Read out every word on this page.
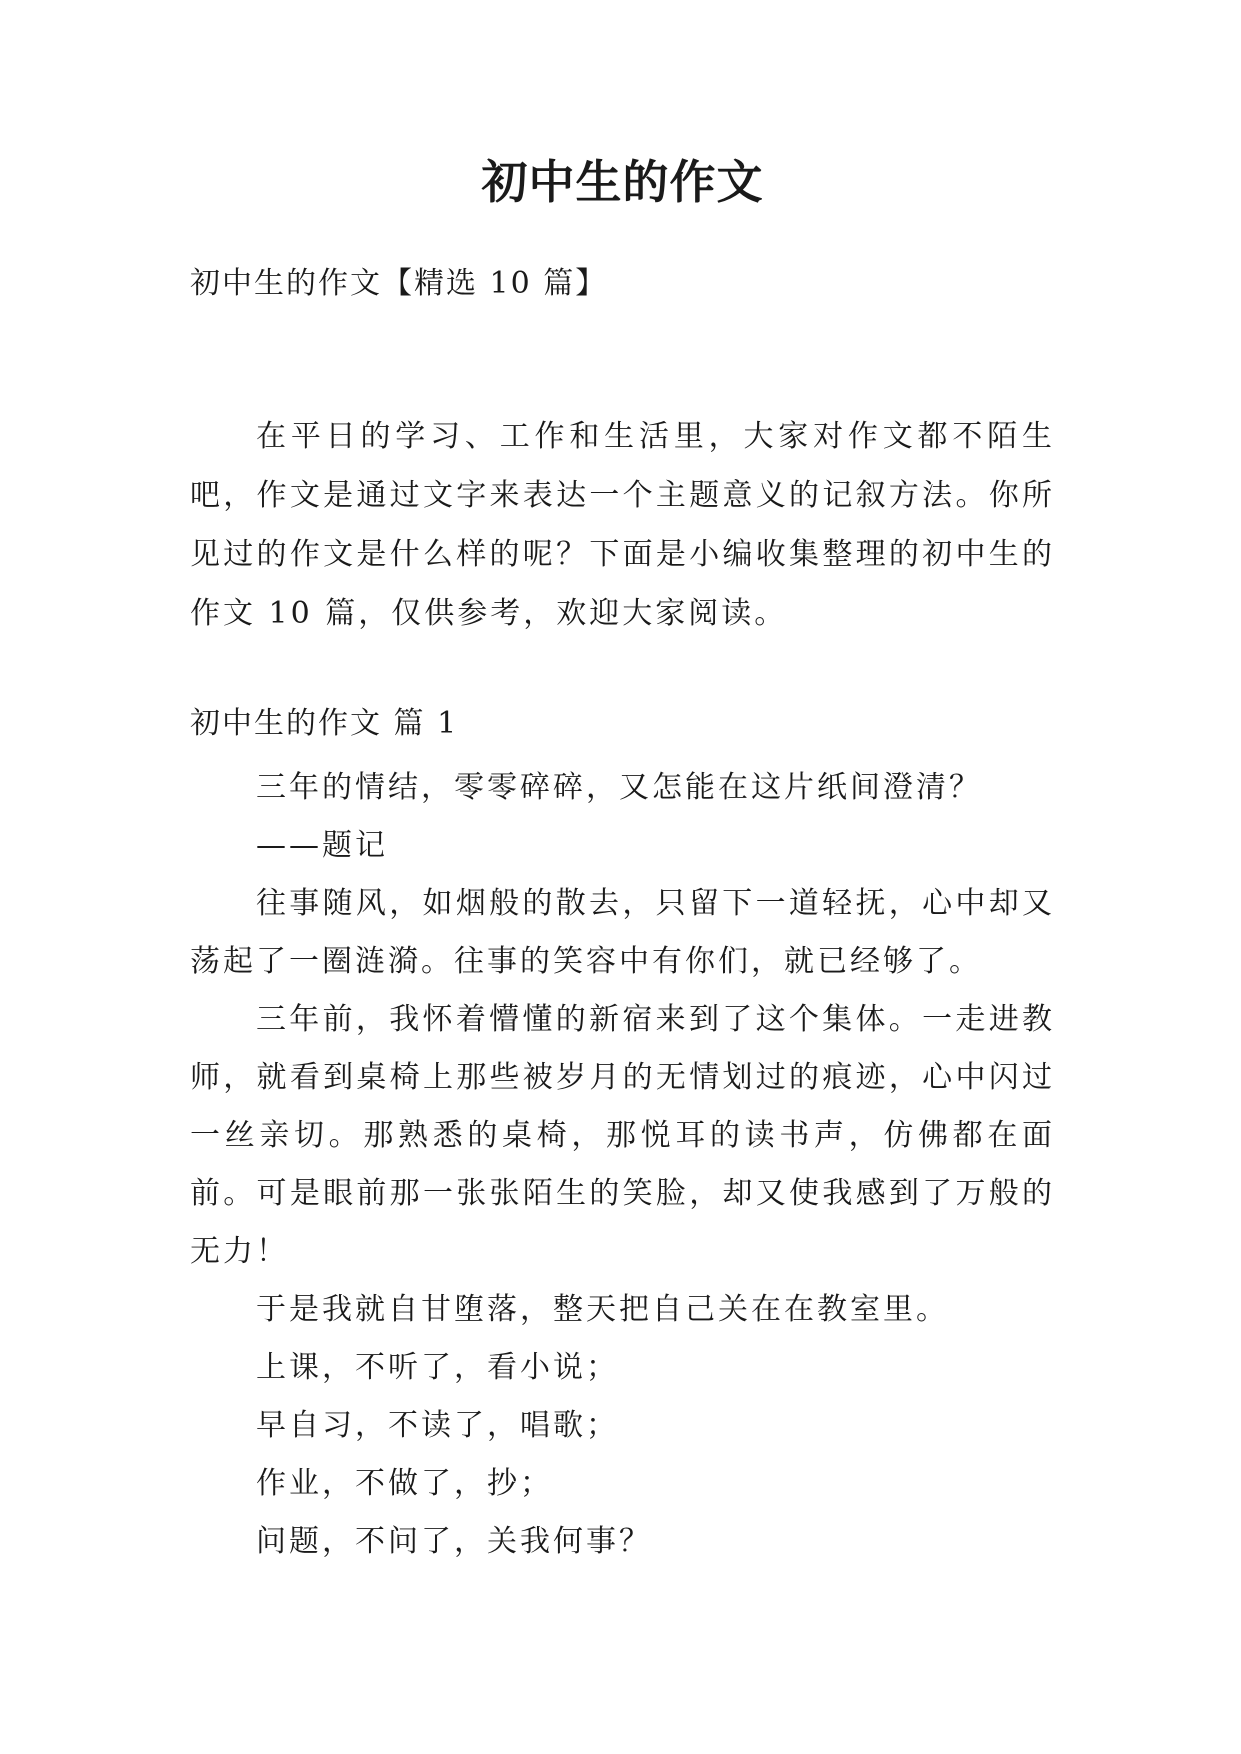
初中生的作文

初中生的作文【精选 10 篇】

在平日的学习、工作和生活里，大家对作文都不陌生吧，作文是通过文字来表达一个主题意义的记叙方法。你所见过的作文是什么样的呢？下面是小编收集整理的初中生的作文 10 篇，仅供参考，欢迎大家阅读。

初中生的作文 篇 1

三年的情结，零零碎碎，又怎能在这片纸间澄清？

——题记

往事随风，如烟般的散去，只留下一道轻抚，心中却又荡起了一圈涟漪。往事的笑容中有你们，就已经够了。

三年前，我怀着懵懂的新宿来到了这个集体。一走进教师，就看到桌椅上那些被岁月的无情划过的痕迹，心中闪过一丝亲切。那熟悉的桌椅，那悦耳的读书声，仿佛都在面前。可是眼前那一张张陌生的笑脸，却又使我感到了万般的无力！

于是我就自甘堕落，整天把自己关在在教室里。

上课，不听了，看小说；

早自习，不读了，唱歌；

作业，不做了，抄；

问题，不问了，关我何事？
